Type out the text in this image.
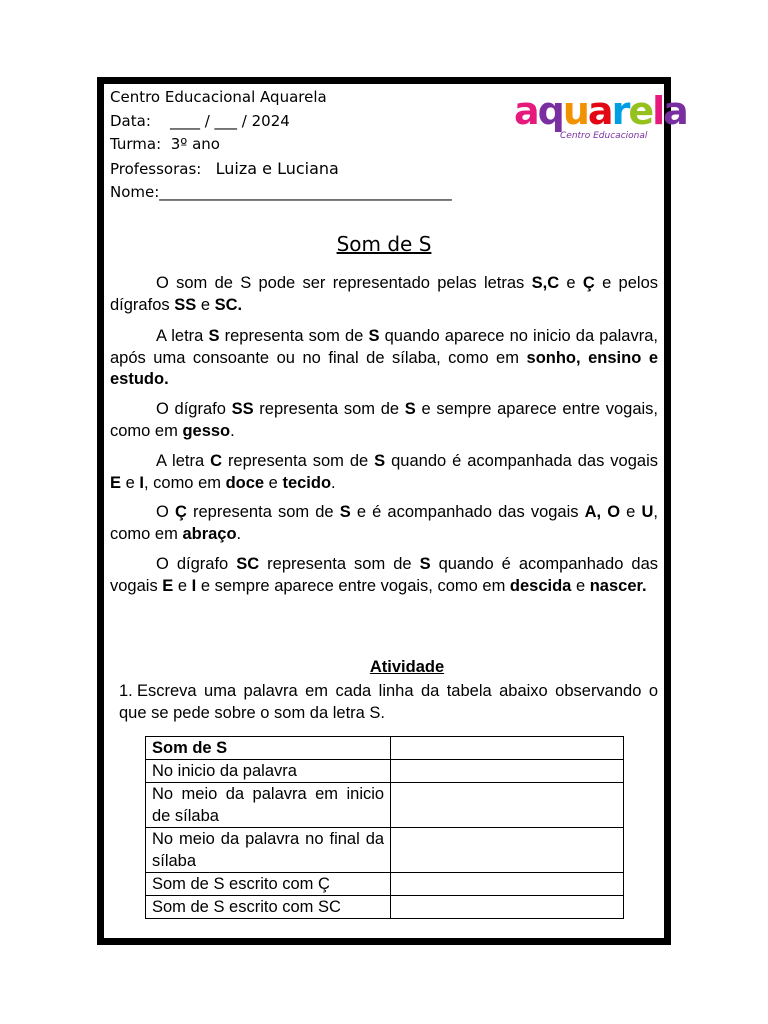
Centro Educacional Aquarela
Data: ____ / ___ / 2024
Turma: 3º ano
Professoras: Luiza e Luciana
Nome:_______________________________________
aquarela
Centro Educacional
Som de S
O som de S pode ser representado pelas letras S,C e Ç e pelos dígrafos SS e SC.
A letra S representa som de S quando aparece no inicio da palavra, após uma consoante ou no final de sílaba, como em sonho, ensino e estudo.
O dígrafo SS representa som de S e sempre aparece entre vogais, como em gesso.
A letra C representa som de S quando é acompanhada das vogais E e I, como em doce e tecido.
O Ç representa som de S e é acompanhado das vogais A, O e U, como em abraço.
O dígrafo SC representa som de S quando é acompanhado das vogais E e I e sempre aparece entre vogais, como em descida e nascer.
Atividade
1. Escreva uma palavra em cada linha da tabela abaixo observando o que se pede sobre o som da letra S.
Som de S	
No inicio da palavra	
No meio da palavra em inicio de sílaba	
No meio da palavra no final da sílaba	
Som de S escrito com Ç	
Som de S escrito com SC	
